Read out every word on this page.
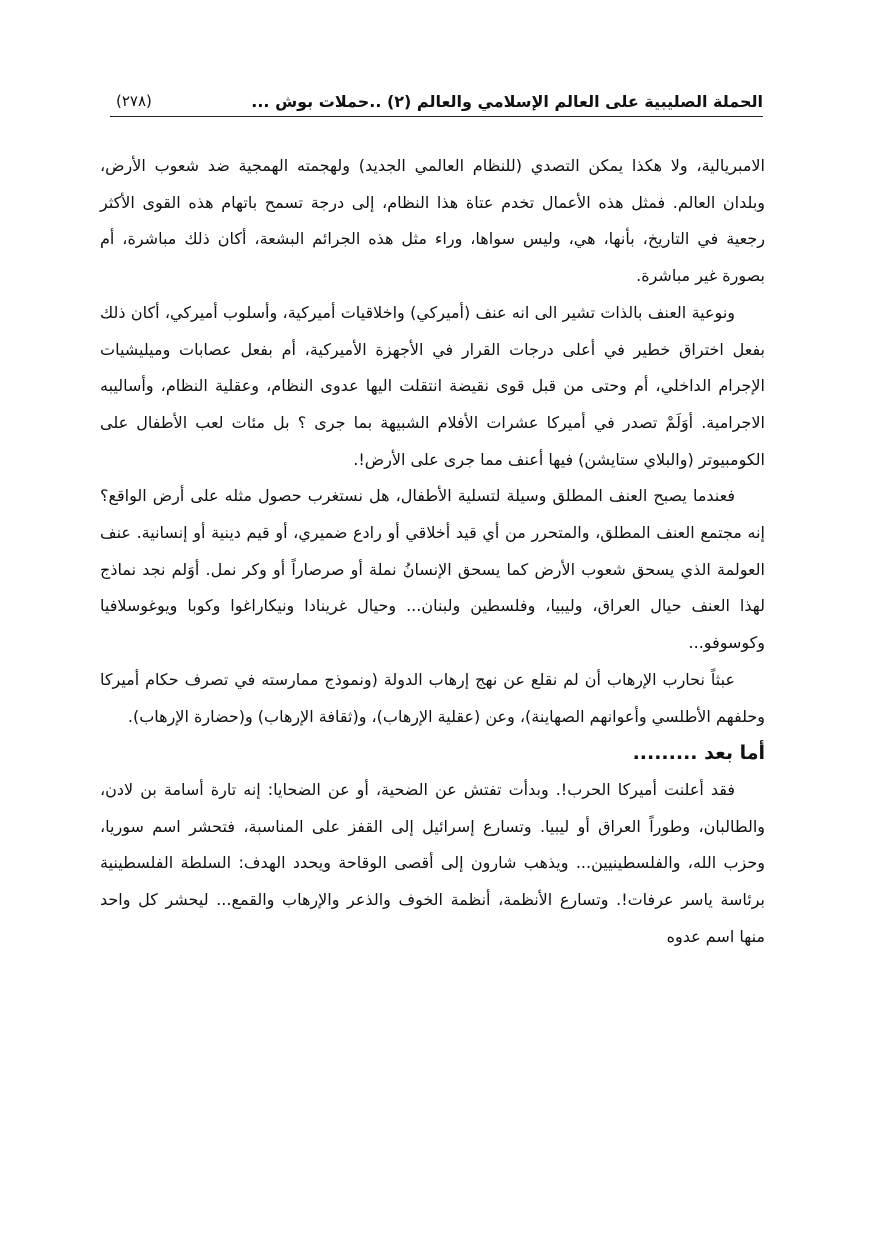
الحملة الصليبية على العالم الإسلامي والعالم (٢) ..حملات بوش ...
(٢٧٨)

الامبريالية، ولا هكذا يمكن التصدي (للنظام العالمي الجديد) ولهجمته الهمجية ضد شعوب الأرض، وبلدان العالم. فمثل هذه الأعمال تخدم عتاة هذا النظام، إلى درجة تسمح باتهام هذه القوى الأكثر رجعية في التاريخ، بأنها، هي، وليس سواها، وراء مثل هذه الجرائم البشعة، أكان ذلك مباشرة، أم بصورة غير مباشرة.

ونوعية العنف بالذات تشير الى انه عنف (أميركي) واخلاقيات أميركية، وأسلوب أميركي، أكان ذلك بفعل اختراق خطير في أعلى درجات القرار في الأجهزة الأميركية، أم بفعل عصابات وميليشيات الإجرام الداخلي، أم وحتى من قبل قوى نقيضة انتقلت اليها عدوى النظام، وعقلية النظام، وأساليبه الاجرامية. أوَلَمْ تصدر في أميركا عشرات الأفلام الشبيهة بما جرى ؟ بل مئات لعب الأطفال على الكومبيوتر (والبلاي ستايشن) فيها أعنف مما جرى على الأرض!.

فعندما يصبح العنف المطلق وسيلة لتسلية الأطفال، هل نستغرب حصول مثله على أرض الواقع؟ إنه مجتمع العنف المطلق، والمتحرر من أي قيد أخلاقي أو رادع ضميري، أو قيم دينية أو إنسانية. عنف العولمة الذي يسحق شعوب الأرض كما يسحق الإنسانُ نملة أو صرصاراً أو وكر نمل. أوَلم نجد نماذج لهذا العنف حيال العراق، وليبيا، وفلسطين ولبنان... وحيال غرينادا ونيكاراغوا وكوبا ويوغوسلافيا وكوسوفو...

عبثاً نحارب الإرهاب أن لم نقلع عن نهج إرهاب الدولة (ونموذج ممارسته في تصرف حكام أميركا وحلفهم الأطلسي وأعوانهم الصهاينة)، وعن (عقلية الإرهاب)، و(ثقافة الإرهاب) و(حضارة الإرهاب).

أما بعد .........

فقد أعلنت أميركا الحرب!. وبدأت تفتش عن الضحية، أو عن الضحايا: إنه تارة أسامة بن لادن، والطالبان، وطوراً العراق أو ليبيا. وتسارع إسرائيل إلى القفز على المناسبة، فتحشر اسم سوريا، وحزب الله، والفلسطينيين... ويذهب شارون إلى أقصى الوقاحة ويحدد الهدف: السلطة الفلسطينية برئاسة ياسر عرفات!. وتسارع الأنظمة، أنظمة الخوف والذعر والإرهاب والقمع... ليحشر كل واحد منها اسم عدوه
